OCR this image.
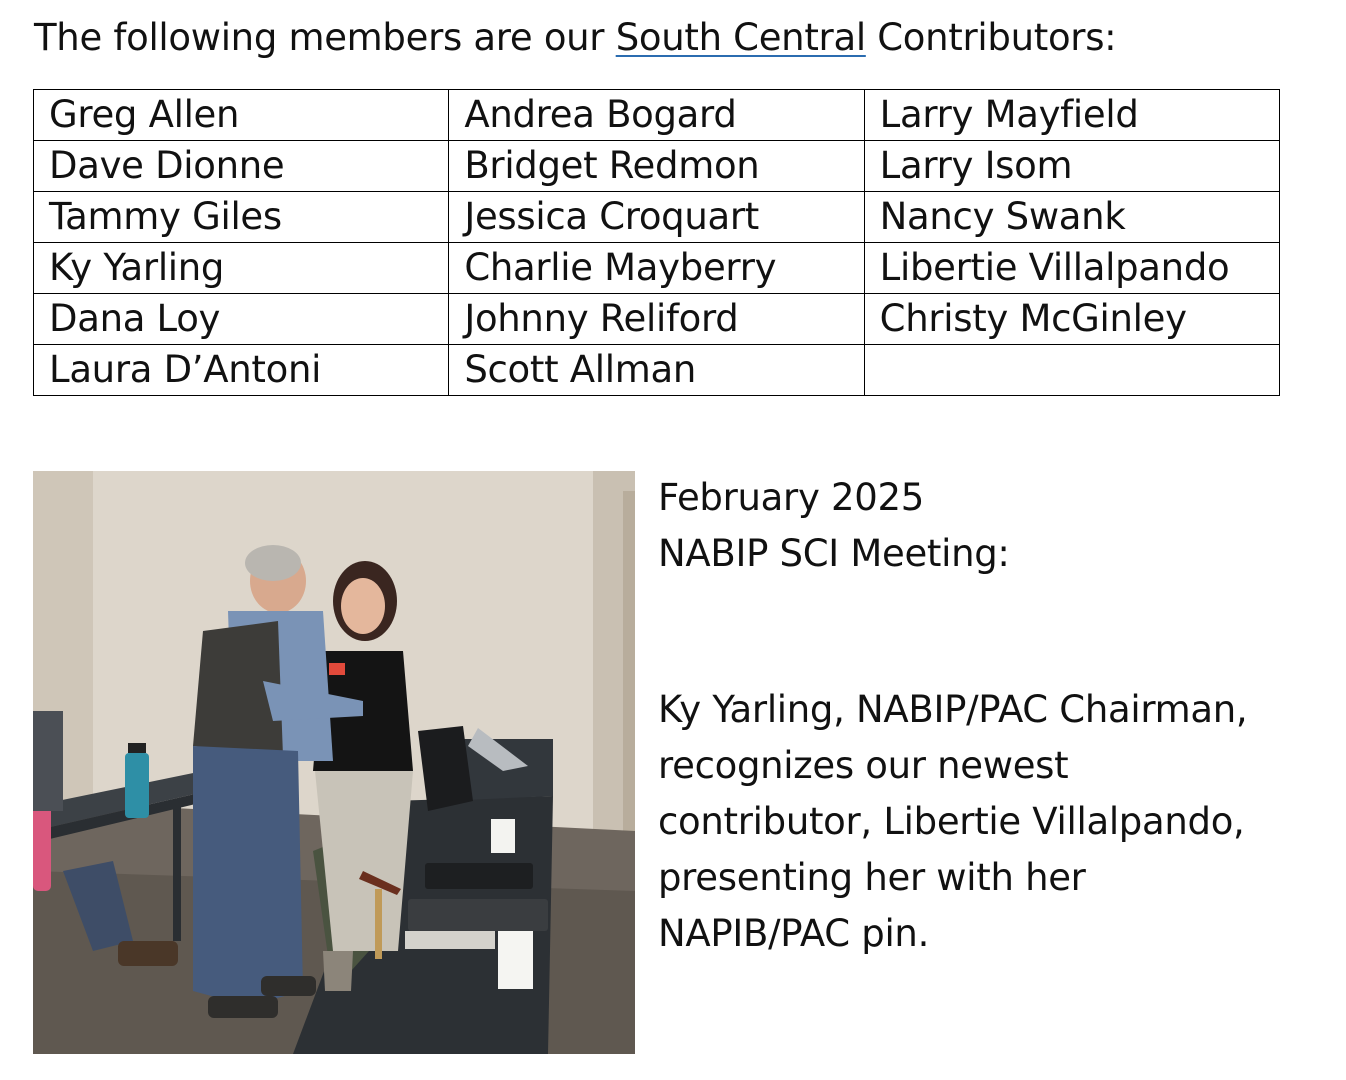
The following members are our South Central Contributors:
Greg Allen	Andrea Bogard	Larry Mayfield
Dave Dionne	Bridget Redmon	Larry Isom
Tammy Giles	Jessica Croquart	Nancy Swank
Ky Yarling	Charlie Mayberry	Libertie Villalpando
Dana Loy	Johnny Reliford	Christy McGinley
Laura D’Antoni	Scott Allman	

February 2025

NABIP SCI Meeting:

Ky Yarling, NABIP/PAC Chairman,

recognizes our newest

contributor, Libertie Villalpando,

presenting her with her

NAPIB/PAC pin.
